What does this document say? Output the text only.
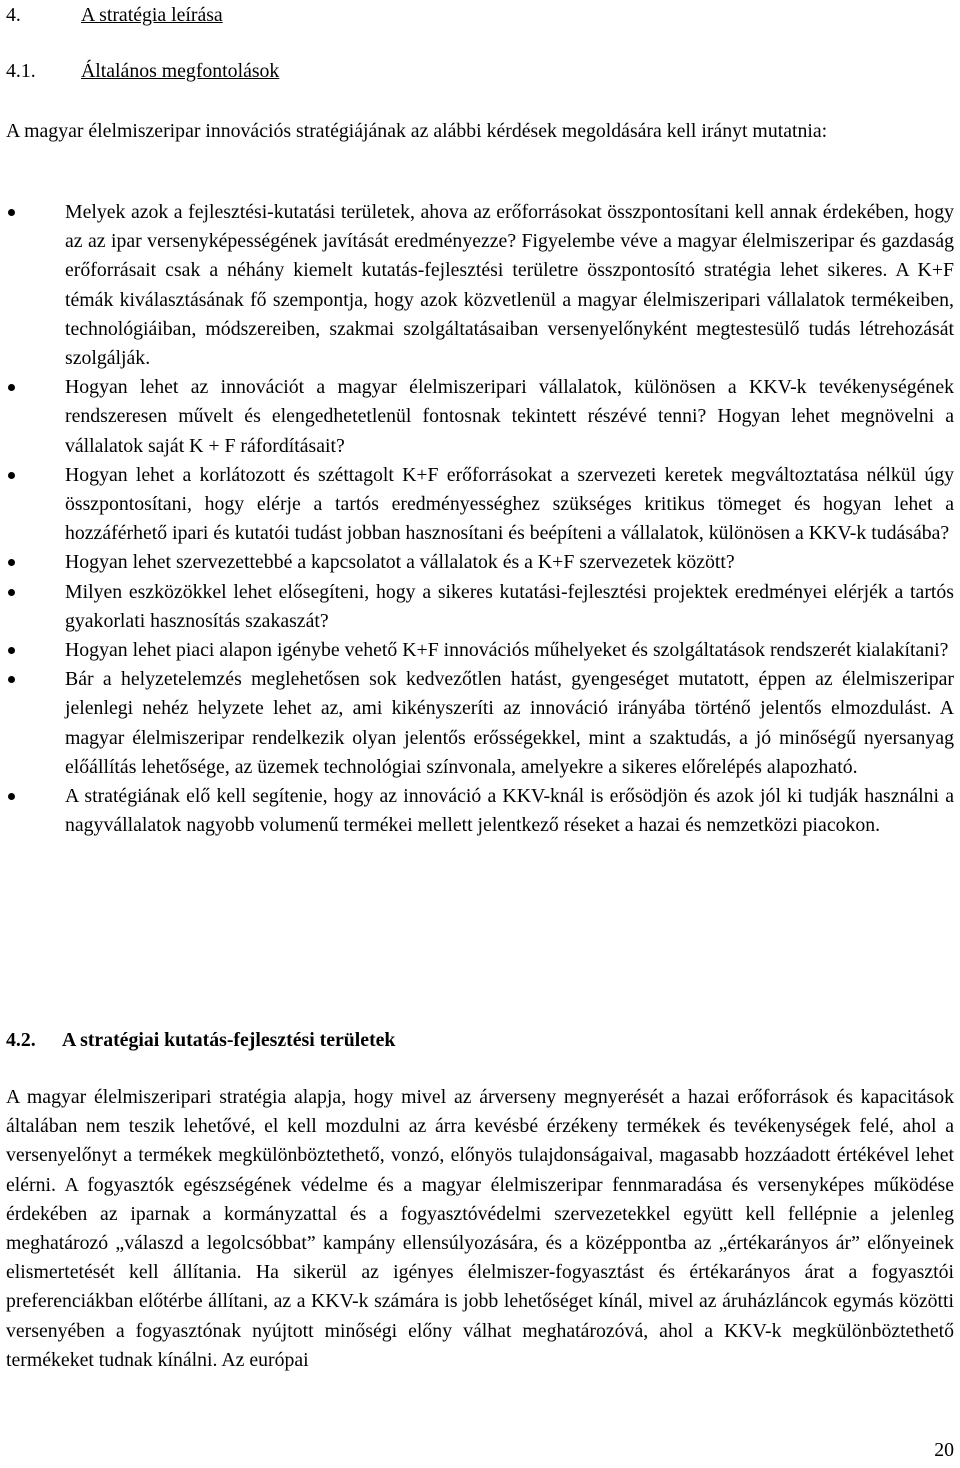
4.	A stratégia leírása
4.1. Általános megfontolások

A magyar élelmiszeripar innovációs stratégiájának az alábbi kérdések megoldására kell irányt mutatnia:

Melyek azok a fejlesztési-kutatási területek, ahova az erőforrásokat összpontosítani kell annak érdekében, hogy az az ipar versenyképességének javítását eredményezze? Figyelembe véve a magyar élelmiszeripar és gazdaság erőforrásait csak a néhány kiemelt kutatás-fejlesztési területre összpontosító stratégia lehet sikeres. A K+F témák kiválasztásának fő szempontja, hogy azok közvetlenül a magyar élelmiszeripari vállalatok termékeiben, technológiáiban, módszereiben, szakmai szolgáltatásaiban versenyelőnyként megtestesülő tudás létrehozását szolgálják.
Hogyan lehet az innovációt a magyar élelmiszeripari vállalatok, különösen a KKV-k tevékenységének rendszeresen művelt és elengedhetetlenül fontosnak tekintett részévé tenni? Hogyan lehet megnövelni a vállalatok saját K + F ráfordításait?
Hogyan lehet a korlátozott és széttagolt K+F erőforrásokat a szervezeti keretek megváltoztatása nélkül úgy összpontosítani, hogy elérje a tartós eredményességhez szükséges kritikus tömeget és hogyan lehet a hozzáférhető ipari és kutatói tudást jobban hasznosítani és beépíteni a vállalatok, különösen a KKV-k tudásába?
Hogyan lehet szervezettebbé a kapcsolatot a vállalatok és a K+F szervezetek között?
Milyen eszközökkel lehet elősegíteni, hogy a sikeres kutatási-fejlesztési projektek eredményei elérjék a tartós gyakorlati hasznosítás szakaszát?
Hogyan lehet piaci alapon igénybe vehető K+F innovációs műhelyeket és szolgáltatások rendszerét kialakítani?
Bár a helyzetelemzés meglehetősen sok kedvezőtlen hatást, gyengeséget mutatott, éppen az élelmiszeripar jelenlegi nehéz helyzete lehet az, ami kikényszeríti az innováció irányába történő jelentős elmozdulást. A magyar élelmiszeripar rendelkezik olyan jelentős erősségekkel, mint a szaktudás, a jó minőségű nyersanyag előállítás lehetősége, az üzemek technológiai színvonala, amelyekre a sikeres előrelépés alapozható.
A stratégiának elő kell segítenie, hogy az innováció a KKV-knál is erősödjön és azok jól ki tudják használni a nagyvállalatok nagyobb volumenű termékei mellett jelentkező réseket a hazai és nemzetközi piacokon.
4.2. A stratégiai kutatás-fejlesztési területek

A magyar élelmiszeripari stratégia alapja, hogy mivel az árverseny megnyerését a hazai erőforrások és kapacitások általában nem teszik lehetővé, el kell mozdulni az árra kevésbé érzékeny termékek és tevékenységek felé, ahol a versenyelőnyt a termékek megkülönböztethető, vonzó, előnyös tulajdonságaival, magasabb hozzáadott értékével lehet elérni. A fogyasztók egészségének védelme és a magyar élelmiszeripar fennmaradása és versenyképes működése érdekében az iparnak a kormányzattal és a fogyasztóvédelmi szervezetekkel együtt kell fellépnie a jelenleg meghatározó „válaszd a legolcsóbbat” kampány ellensúlyozására, és a középpontba az „értékarányos ár” előnyeinek elismertetését kell állítania. Ha sikerül az igényes élelmiszer-fogyasztást és értékarányos árat a fogyasztói preferenciákban előtérbe állítani, az a KKV-k számára is jobb lehetőséget kínál, mivel az áruházláncok egymás közötti versenyében a fogyasztónak nyújtott minőségi előny válhat meghatározóvá, ahol a KKV-k megkülönböztethető termékeket tudnak kínálni. Az európai

20
